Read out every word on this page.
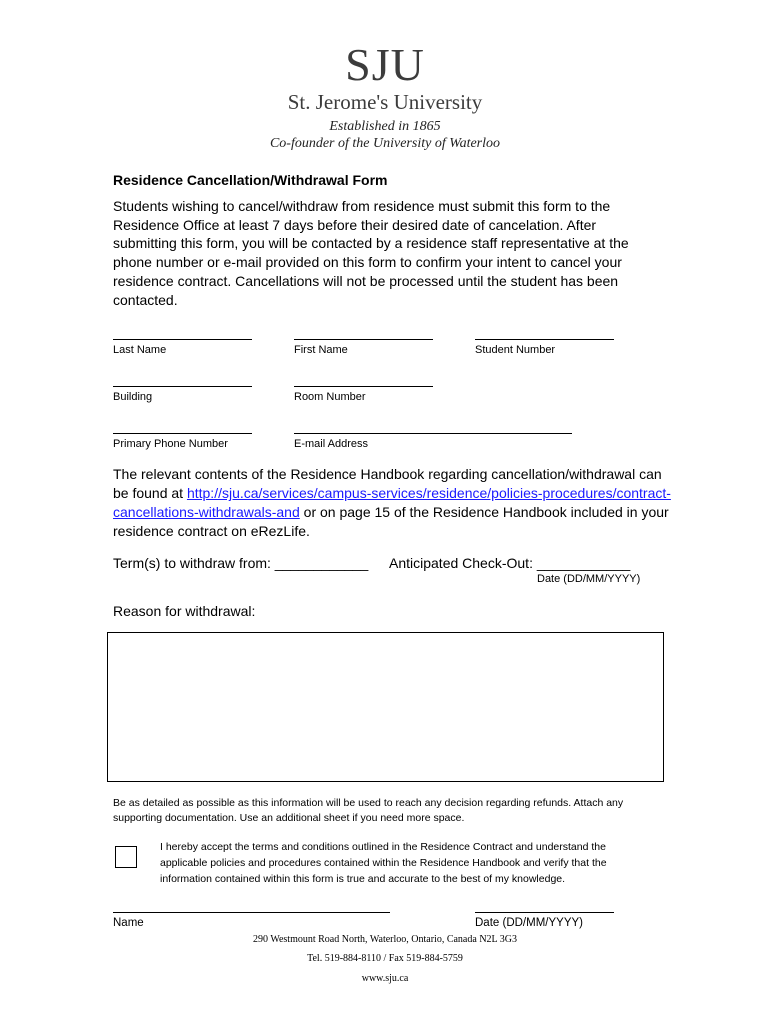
SJU
St. Jerome's University
Established in 1865
Co-founder of the University of Waterloo
Residence Cancellation/Withdrawal Form
Students wishing to cancel/withdraw from residence must submit this form to the Residence Office at least 7 days before their desired date of cancelation. After submitting this form, you will be contacted by a residence staff representative at the phone number or e-mail provided on this form to confirm your intent to cancel your residence contract. Cancellations will not be processed until the student has been contacted.
Last Name	First Name	Student Number
Building	Room Number
Primary Phone Number	E-mail Address
The relevant contents of the Residence Handbook regarding cancellation/withdrawal can be found at http://sju.ca/services/campus-services/residence/policies-procedures/contract-cancellations-withdrawals-and or on page 15 of the Residence Handbook included in your residence contract on eRezLife.
Term(s) to withdraw from: ____________ Anticipated Check-Out: ____________
Date (DD/MM/YYYY)
Reason for withdrawal:
Be as detailed as possible as this information will be used to reach any decision regarding refunds. Attach any supporting documentation. Use an additional sheet if you need more space.
I hereby accept the terms and conditions outlined in the Residence Contract and understand the applicable policies and procedures contained within the Residence Handbook and verify that the information contained within this form is true and accurate to the best of my knowledge.
Name	Date (DD/MM/YYYY)
290 Westmount Road North, Waterloo, Ontario, Canada N2L 3G3
Tel. 519-884-8110 / Fax 519-884-5759
www.sju.ca
